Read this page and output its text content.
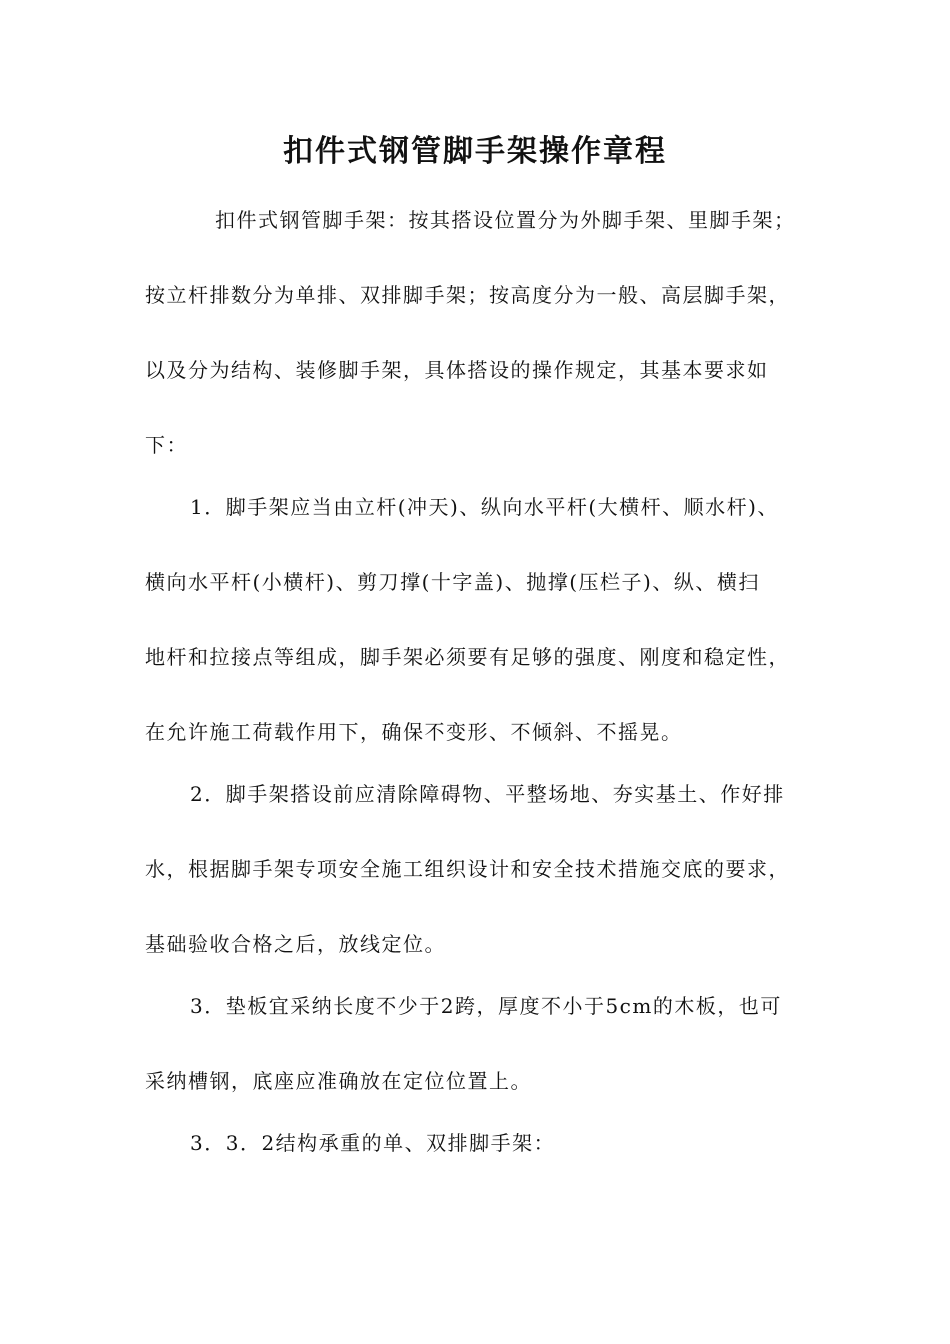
扣件式钢管脚手架操作章程
扣件式钢管脚手架：按其搭设位置分为外脚手架、里脚手架；
按立杆排数分为单排、双排脚手架；按高度分为一般、高层脚手架，
以及分为结构、装修脚手架，具体搭设的操作规定，其基本要求如
下：
1．脚手架应当由立杆(冲天)、纵向水平杆(大横杆、顺水杆)、
横向水平杆(小横杆)、剪刀撑(十字盖)、抛撑(压栏子)、纵、横扫
地杆和拉接点等组成，脚手架必须要有足够的强度、刚度和稳定性，
在允许施工荷载作用下，确保不变形、不倾斜、不摇晃。
2．脚手架搭设前应清除障碍物、平整场地、夯实基土、作好排
水，根据脚手架专项安全施工组织设计和安全技术措施交底的要求，
基础验收合格之后，放线定位。
3．垫板宜采纳长度不少于2跨，厚度不小于5cm的木板，也可
采纳槽钢，底座应准确放在定位位置上。
3．3．2结构承重的单、双排脚手架：
